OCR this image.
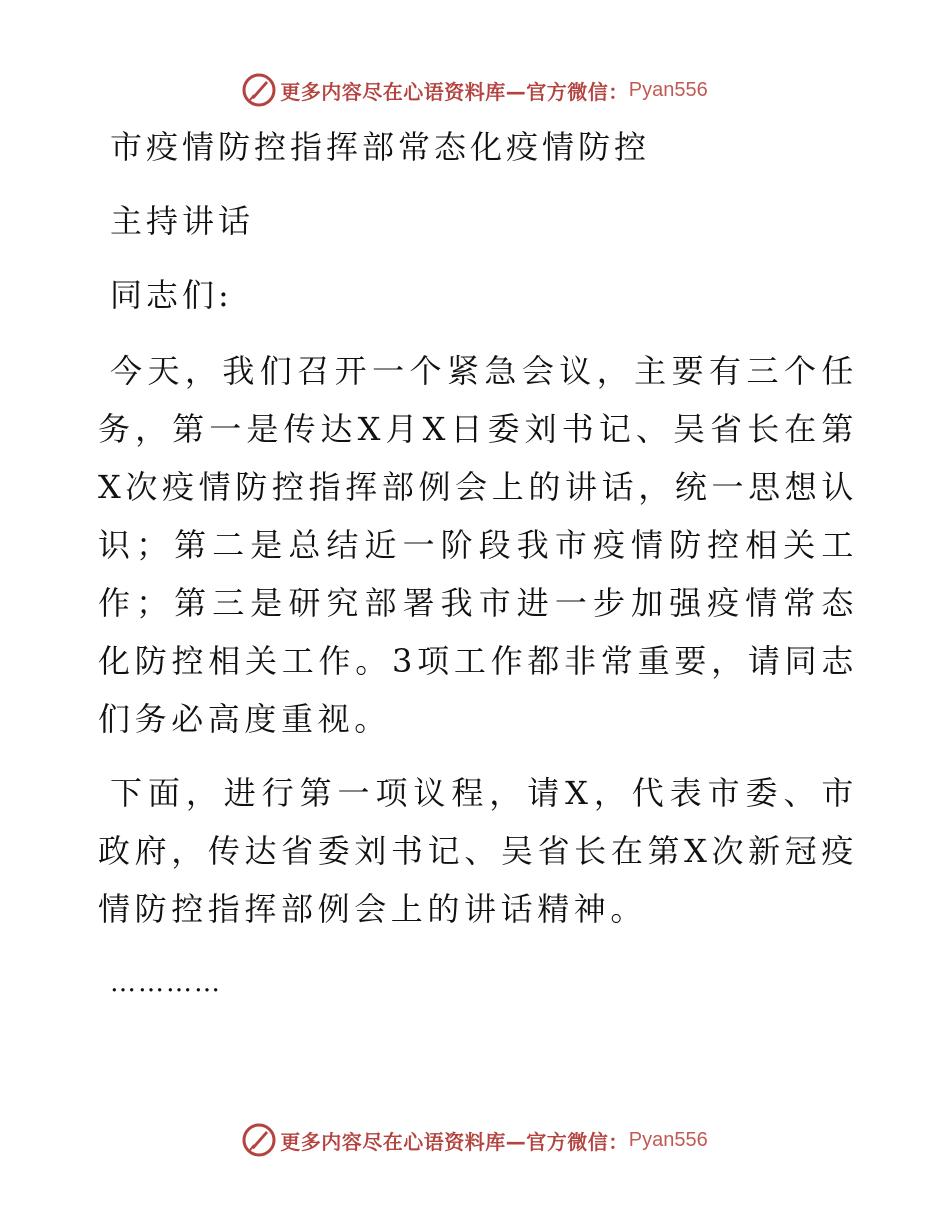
更多内容尽在心语资料库—官方微信： Pyan556

市疫情防控指挥部常态化疫情防控

主持讲话

同志们:

今天，我们召开一个紧急会议，主要有三个任务，第一是传达X月X日委刘书记、吴省长在第X次疫情防控指挥部例会上的讲话，统一思想认识；第二是总结近一阶段我市疫情防控相关工作；第三是研究部署我市进一步加强疫情常态化防控相关工作。3项工作都非常重要，请同志们务必高度重视。

下面，进行第一项议程，请X，代表市委、市政府，传达省委刘书记、吴省长在第X次新冠疫情防控指挥部例会上的讲话精神。

…………

更多内容尽在心语资料库—官方微信： Pyan556
